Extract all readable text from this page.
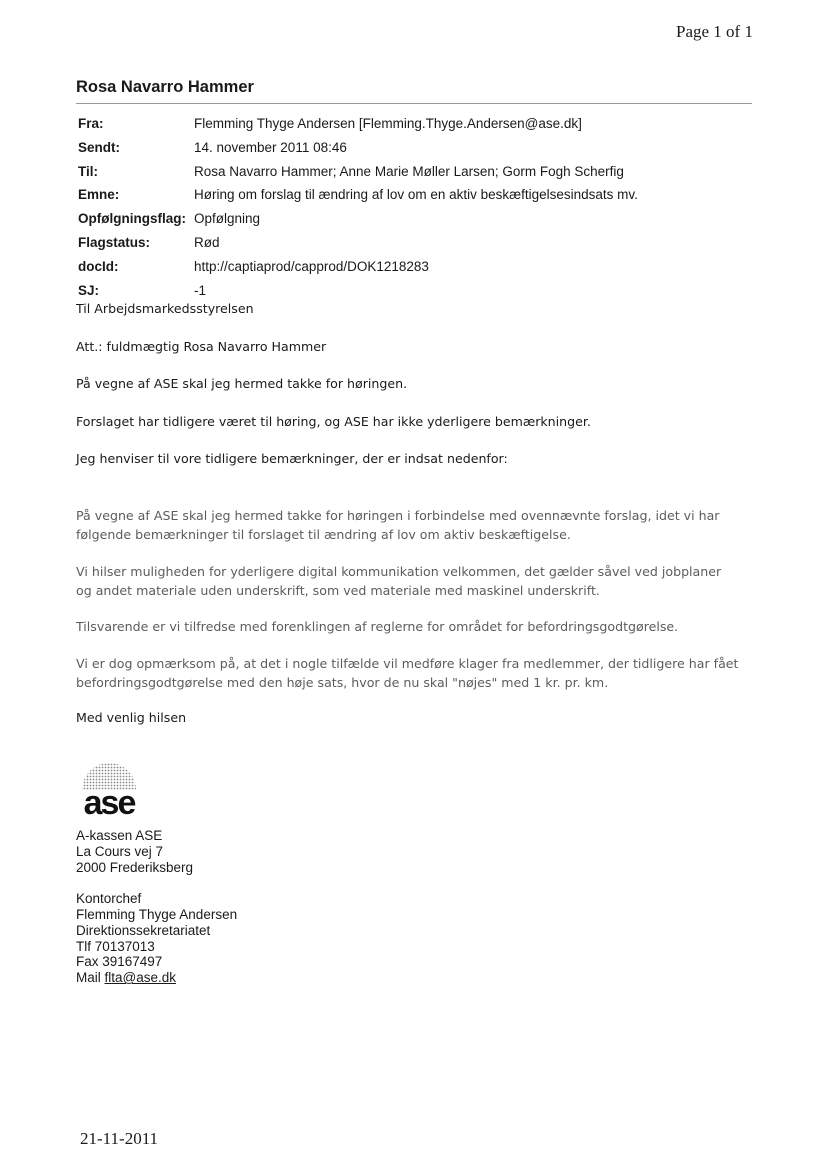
Page 1 of 1
Rosa Navarro Hammer
Fra:	Flemming Thyge Andersen [Flemming.Thyge.Andersen@ase.dk]
Sendt:	14. november 2011 08:46
Til:	Rosa Navarro Hammer; Anne Marie Møller Larsen; Gorm Fogh Scherfig
Emne:	Høring om forslag til ændring af lov om en aktiv beskæftigelsesindsats mv.
Opfølgningsflag: Opfølgning
Flagstatus:	Rød
docId:	http://captiaprod/capprod/DOK1218283
SJ:	-1
Til Arbejdsmarkedsstyrelsen
Att.: fuldmægtig Rosa Navarro Hammer
På vegne af ASE skal jeg hermed takke for høringen.
Forslaget har tidligere været til høring, og ASE har ikke yderligere bemærkninger.
Jeg henviser til vore tidligere bemærkninger, der er indsat nedenfor:
På vegne af ASE skal jeg hermed takke for høringen i forbindelse med ovennævnte forslag, idet vi har
følgende bemærkninger til forslaget til ændring af lov om aktiv beskæftigelse.
Vi hilser muligheden for yderligere digital kommunikation velkommen, det gælder såvel ved jobplaner
og andet materiale uden underskrift, som ved materiale med maskinel underskrift.
Tilsvarende er vi tilfredse med forenklingen af reglerne for området for befordringsgodtgørelse.
Vi er dog opmærksom på, at det i nogle tilfælde vil medføre klager fra medlemmer, der tidligere har fået
befordringsgodtgørelse med den høje sats, hvor de nu skal "nøjes" med 1 kr. pr. km.
Med venlig hilsen
ase
A-kassen ASE
La Cours vej 7
2000 Frederiksberg
Kontorchef
Flemming Thyge Andersen
Direktionssekretariatet
Tlf 70137013
Fax 39167497
Mail flta@ase.dk
21-11-2011
